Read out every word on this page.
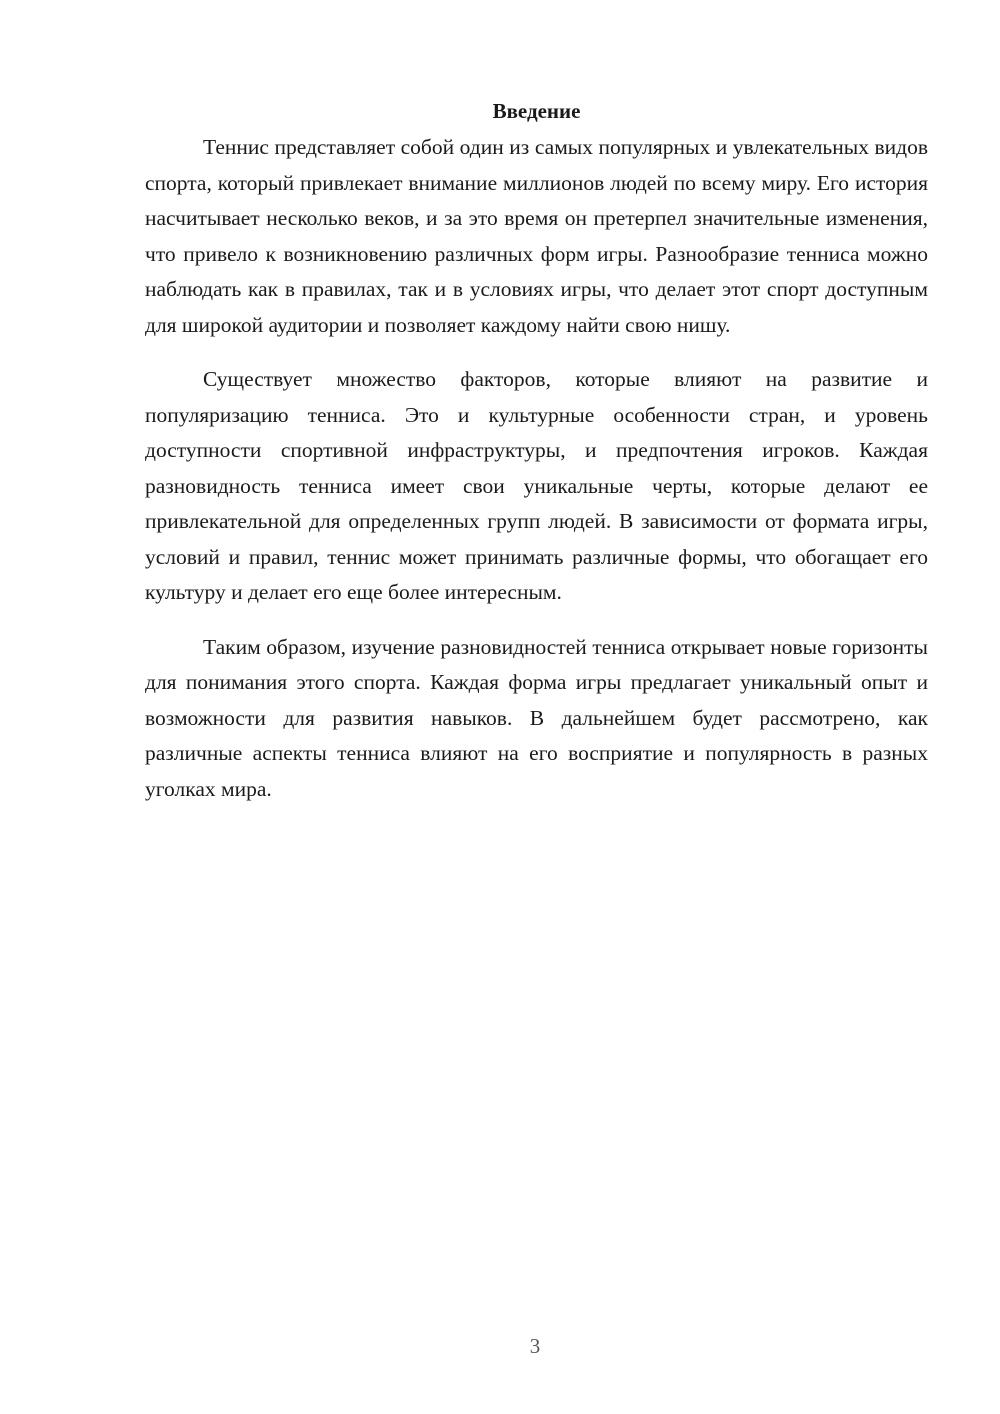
Введение

Теннис представляет собой один из самых популярных и увлекательных видов спорта, который привлекает внимание миллионов людей по всему миру. Его история насчитывает несколько веков, и за это время он претерпел значительные изменения, что привело к возникновению различных форм игры. Разнообразие тенниса можно наблюдать как в правилах, так и в условиях игры, что делает этот спорт доступным для широкой аудитории и позволяет каждому найти свою нишу.

Существует множество факторов, которые влияют на развитие и популяризацию тенниса. Это и культурные особенности стран, и уровень доступности спортивной инфраструктуры, и предпочтения игроков. Каждая разновидность тенниса имеет свои уникальные черты, которые делают ее привлекательной для определенных групп людей. В зависимости от формата игры, условий и правил, теннис может принимать различные формы, что обогащает его культуру и делает его еще более интересным.

Таким образом, изучение разновидностей тенниса открывает новые горизонты для понимания этого спорта. Каждая форма игры предлагает уникальный опыт и возможности для развития навыков. В дальнейшем будет рассмотрено, как различные аспекты тенниса влияют на его восприятие и популярность в разных уголках мира.

3
